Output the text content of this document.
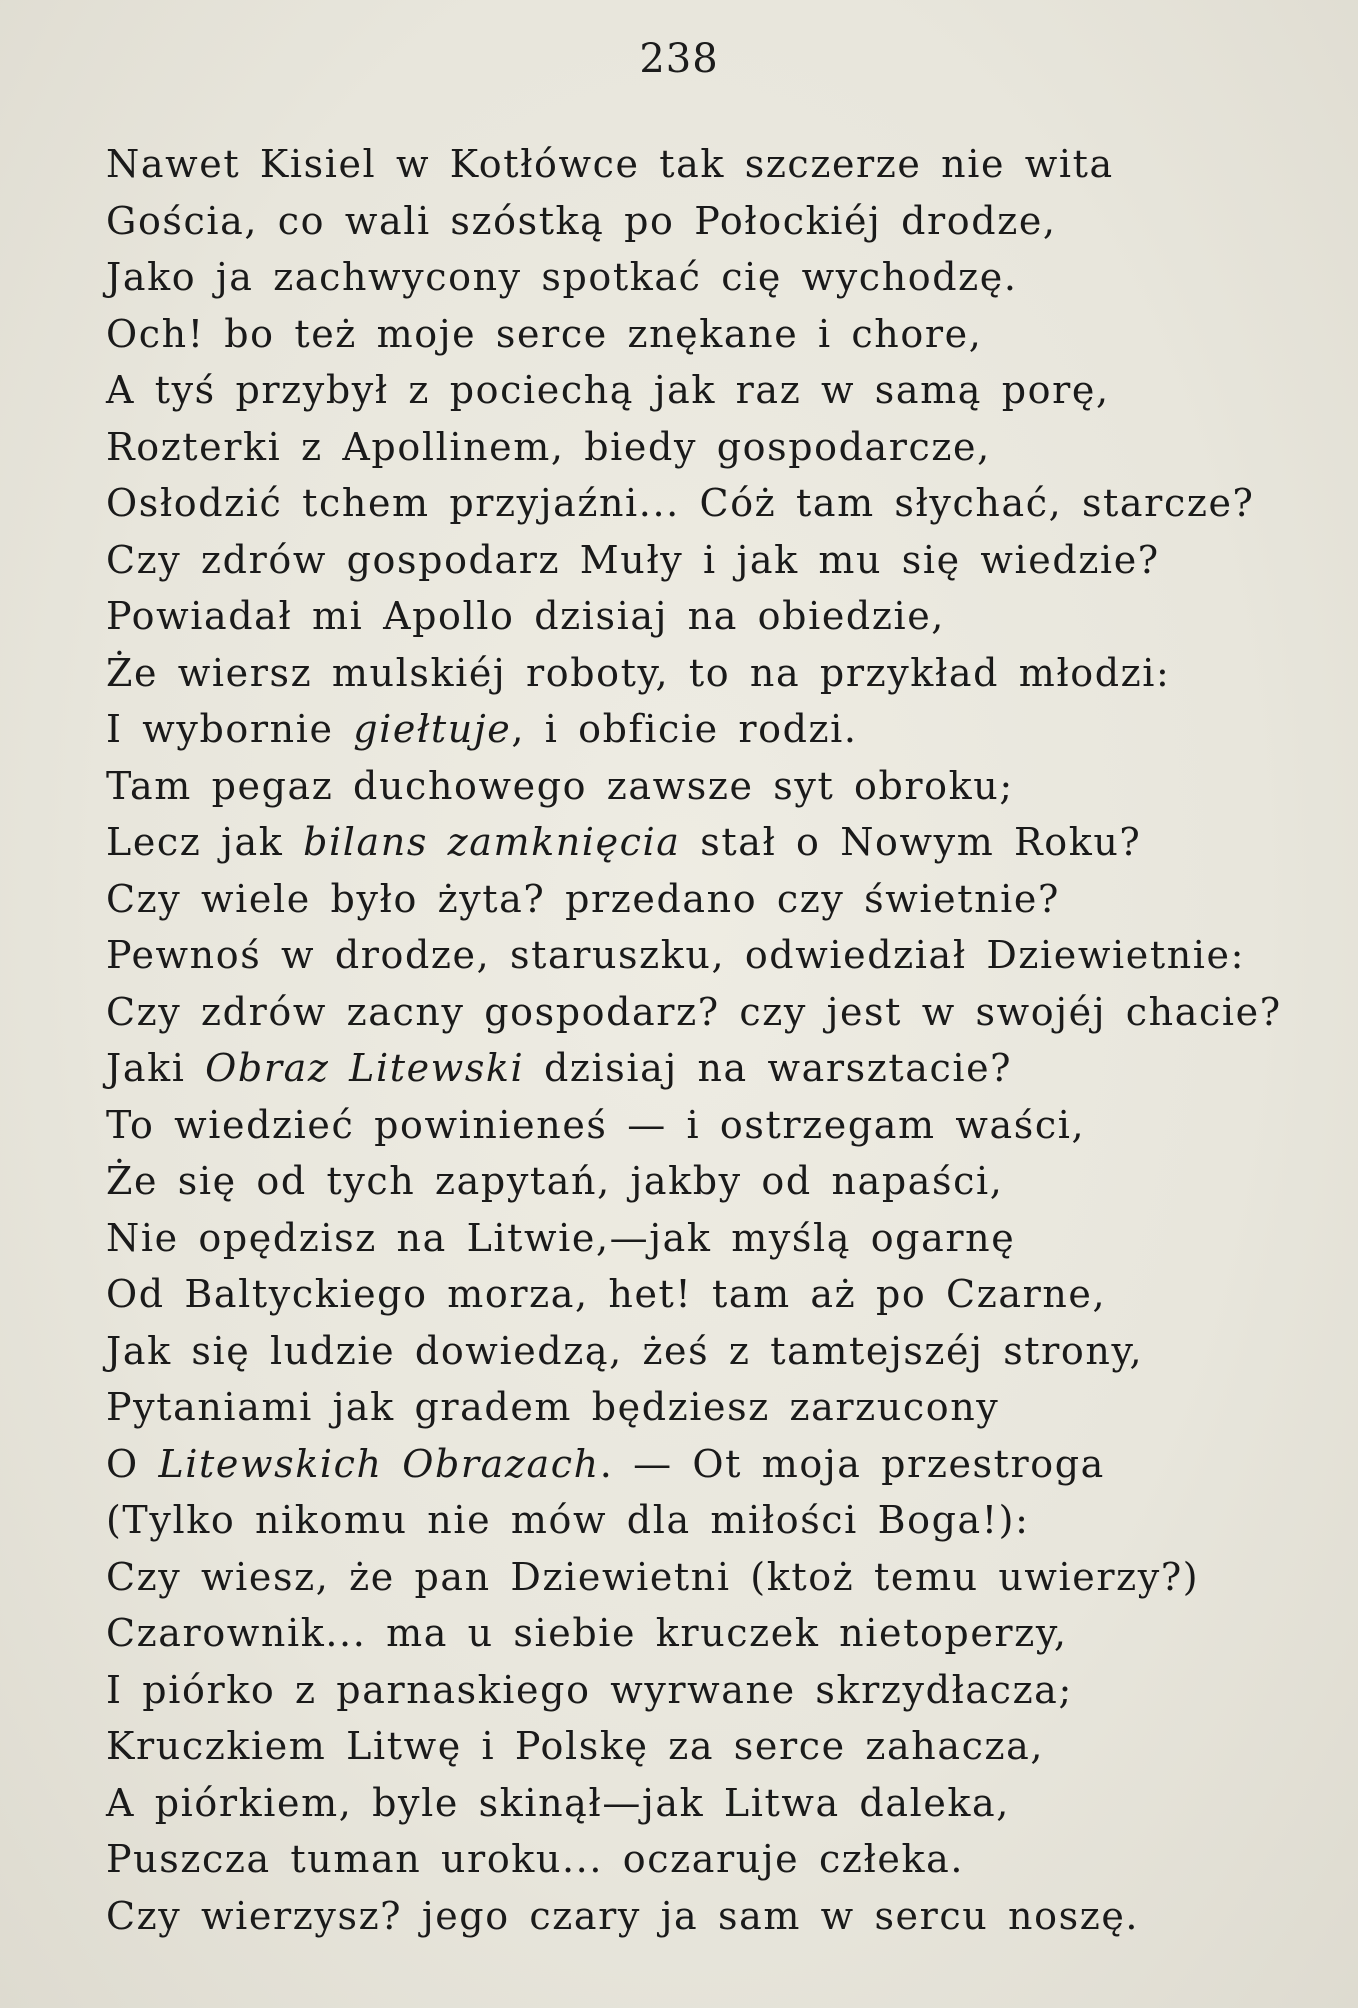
238
Nawet Kisiel w Kotłówce tak szczerze nie wita
Gościa, co wali szóstką po Połockiéj drodze,
Jako ja zachwycony spotkać cię wychodzę.
Och! bo też moje serce znękane i chore,
A tyś przybył z pociechą jak raz w samą porę,
Rozterki z Apollinem, biedy gospodarcze,
Osłodzić tchem przyjaźni... Cóż tam słychać, starcze?
Czy zdrów gospodarz Muły i jak mu się wiedzie?
Powiadał mi Apollo dzisiaj na obiedzie,
Że wiersz mulskiéj roboty, to na przykład młodzi:
I wybornie giełtuje, i obficie rodzi.
Tam pegaz duchowego zawsze syt obroku;
Lecz jak bilans zamknięcia stał o Nowym Roku?
Czy wiele było żyta? przedano czy świetnie?
Pewnoś w drodze, staruszku, odwiedział Dziewietnie:
Czy zdrów zacny gospodarz? czy jest w swojéj chacie?
Jaki Obraz Litewski dzisiaj na warsztacie?
To wiedzieć powinieneś — i ostrzegam waści,
Że się od tych zapytań, jakby od napaści,
Nie opędzisz na Litwie,—jak myślą ogarnę
Od Baltyckiego morza, het! tam aż po Czarne,
Jak się ludzie dowiedzą, żeś z tamtejszéj strony,
Pytaniami jak gradem będziesz zarzucony
O Litewskich Obrazach. — Ot moja przestroga
(Tylko nikomu nie mów dla miłości Boga!):
Czy wiesz, że pan Dziewietni (ktoż temu uwierzy?)
Czarownik... ma u siebie kruczek nietoperzy,
I piórko z parnaskiego wyrwane skrzydłacza;
Kruczkiem Litwę i Polskę za serce zahacza,
A piórkiem, byle skinął—jak Litwa daleka,
Puszcza tuman uroku... oczaruje człeka.
Czy wierzysz? jego czary ja sam w sercu noszę.
